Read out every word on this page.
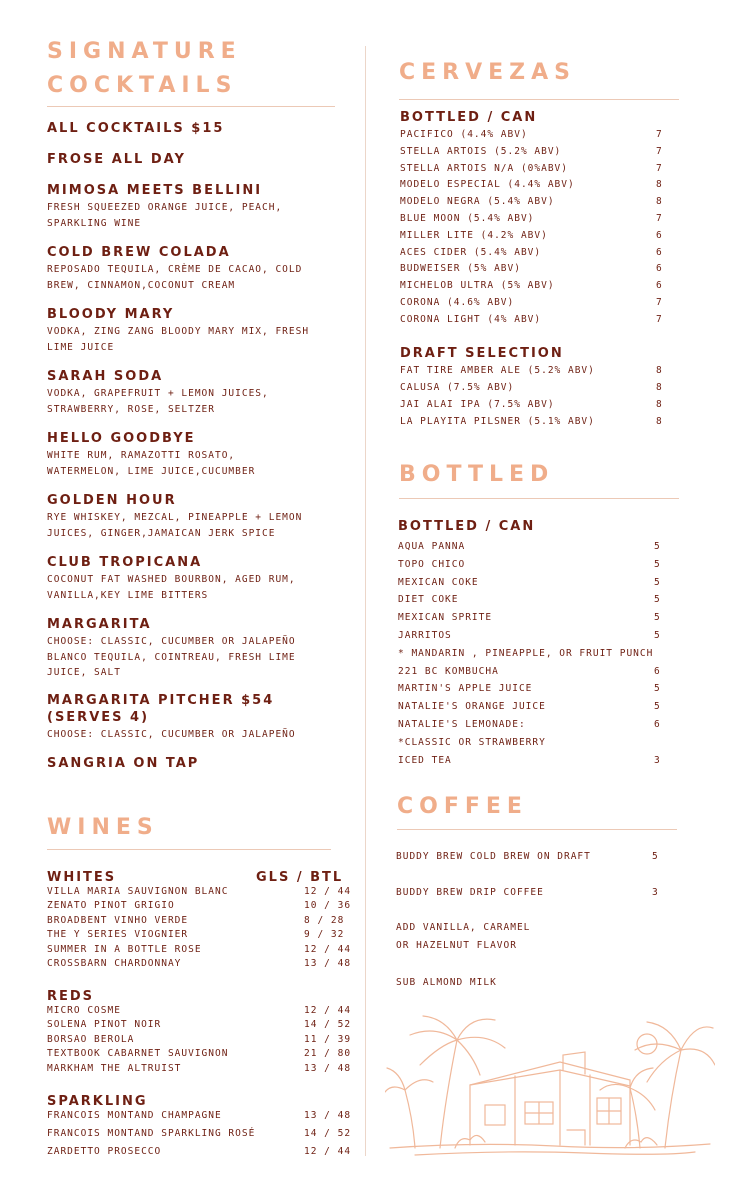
SIGNATURE
COCKTAILS
ALL COCKTAILS $15
FROSE ALL DAY
MIMOSA MEETS BELLINI
FRESH SQUEEZED ORANGE JUICE, PEACH,
SPARKLING WINE
COLD BREW COLADA
REPOSADO TEQUILA, CRÈME DE CACAO, COLD
BREW, CINNAMON,COCONUT CREAM
BLOODY MARY
VODKA, ZING ZANG BLOODY MARY MIX, FRESH
LIME JUICE
SARAH SODA
VODKA, GRAPEFRUIT + LEMON JUICES,
STRAWBERRY, ROSE, SELTZER
HELLO GOODBYE
WHITE RUM, RAMAZOTTI ROSATO,
WATERMELON, LIME JUICE,CUCUMBER
GOLDEN HOUR
RYE WHISKEY, MEZCAL, PINEAPPLE + LEMON
JUICES, GINGER,JAMAICAN JERK SPICE
CLUB TROPICANA
COCONUT FAT WASHED BOURBON, AGED RUM,
VANILLA,KEY LIME BITTERS
MARGARITA
CHOOSE: CLASSIC, CUCUMBER OR JALAPEÑO
BLANCO TEQUILA, COINTREAU, FRESH LIME
JUICE, SALT
MARGARITA PITCHER $54
(SERVES 4)
CHOOSE: CLASSIC, CUCUMBER OR JALAPEÑO
SANGRIA ON TAP
WINES
WHITES	GLS / BTL
VILLA MARIA SAUVIGNON BLANC	12 / 44
ZENATO PINOT GRIGIO	10 / 36
BROADBENT VINHO VERDE	8 / 28
THE Y SERIES VIOGNIER	9 / 32
SUMMER IN A BOTTLE ROSE	12 / 44
CROSSBARN CHARDONNAY	13 / 48
REDS
MICRO COSME	12 / 44
SOLENA PINOT NOIR	14 / 52
BORSAO BEROLA	11 / 39
TEXTBOOK CABARNET SAUVIGNON	21 / 80
MARKHAM THE ALTRUIST	13 / 48
SPARKLING
FRANCOIS MONTAND CHAMPAGNE	13 / 48
FRANCOIS MONTAND SPARKLING ROSÉ	14 / 52
ZARDETTO PROSECCO	12 / 44
CERVEZAS
BOTTLED / CAN
PACIFICO (4.4% ABV)	7
STELLA ARTOIS (5.2% ABV)	7
STELLA ARTOIS N/A (0%ABV)	7
MODELO ESPECIAL (4.4% ABV)	8
MODELO NEGRA (5.4% ABV)	8
BLUE MOON (5.4% ABV)	7
MILLER LITE (4.2% ABV)	6
ACES CIDER (5.4% ABV)	6
BUDWEISER (5% ABV)	6
MICHELOB ULTRA (5% ABV)	6
CORONA (4.6% ABV)	7
CORONA LIGHT (4% ABV)	7
DRAFT SELECTION
FAT TIRE AMBER ALE (5.2% ABV)	8
CALUSA (7.5% ABV)	8
JAI ALAI IPA (7.5% ABV)	8
LA PLAYITA PILSNER (5.1% ABV)	8
BOTTLED
BOTTLED / CAN
AQUA PANNA	5
TOPO CHICO	5
MEXICAN COKE	5
DIET COKE	5
MEXICAN SPRITE	5
JARRITOS	5
* MANDARIN , PINEAPPLE, OR FRUIT PUNCH
221 BC KOMBUCHA	6
MARTIN'S APPLE JUICE	5
NATALIE'S ORANGE JUICE	5
NATALIE'S LEMONADE:	6
*CLASSIC OR STRAWBERRY
ICED TEA	3
COFFEE
BUDDY BREW COLD BREW ON DRAFT	5
BUDDY BREW DRIP COFFEE	3
ADD VANILLA, CARAMEL
OR HAZELNUT FLAVOR
SUB ALMOND MILK
